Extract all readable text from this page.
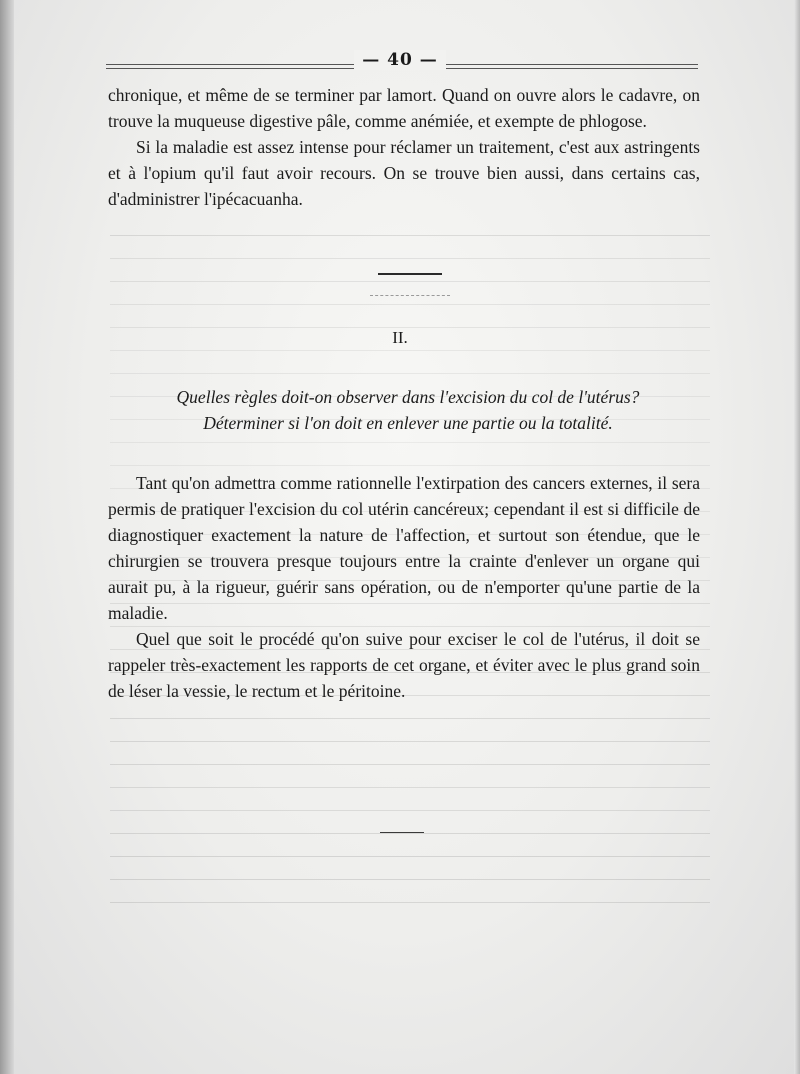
— 40 —

chronique, et même de se terminer par lamort. Quand on ouvre alors le cadavre, on trouve la muqueuse digestive pâle, comme anémiée, et exempte de phlogose.

Si la maladie est assez intense pour réclamer un traitement, c'est aux astringents et à l'opium qu'il faut avoir recours. On se trouve bien aussi, dans certains cas, d'administrer l'ipécacuanha.

II.
Quelles règles doit-on observer dans l'excision du col de l'utérus?
Déterminer si l'on doit en enlever une partie ou la totalité.

Tant qu'on admettra comme rationnelle l'extirpation des cancers externes, il sera permis de pratiquer l'excision du col utérin cancéreux; cependant il est si difficile de diagnostiquer exactement la nature de l'affection, et surtout son étendue, que le chirurgien se trouvera presque toujours entre la crainte d'enlever un organe qui aurait pu, à la rigueur, guérir sans opération, ou de n'emporter qu'une partie de la maladie.

Quel que soit le procédé qu'on suive pour exciser le col de l'utérus, il doit se rappeler très-exactement les rapports de cet organe, et éviter avec le plus grand soin de léser la vessie, le rectum et le péritoine.
